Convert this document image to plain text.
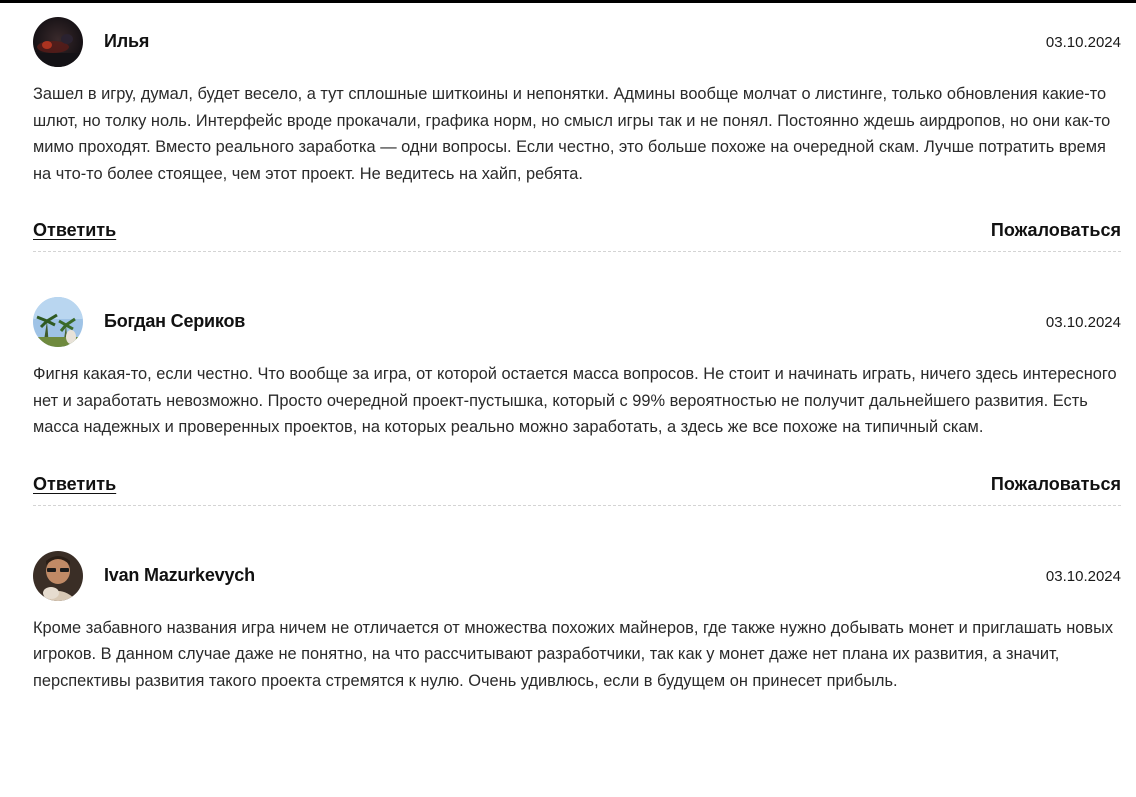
Илья	03.10.2024

Зашел в игру, думал, будет весело, а тут сплошные шиткоины и непонятки. Админы вообще молчат о листинге, только обновления какие-то шлют, но толку ноль. Интерфейс вроде прокачали, графика норм, но смысл игры так и не понял. Постоянно ждешь аирдропов, но они как-то мимо проходят. Вместо реального заработка — одни вопросы. Если честно, это больше похоже на очередной скам. Лучше потратить время на что-то более стоящее, чем этот проект. Не ведитесь на хайп, ребята.

Ответить	Пожаловаться
Богдан Сериков	03.10.2024

Фигня какая-то, если честно. Что вообще за игра, от которой остается масса вопросов. Не стоит и начинать играть, ничего здесь интересного нет и заработать невозможно. Просто очередной проект-пустышка, который с 99% вероятностью не получит дальнейшего развития. Есть масса надежных и проверенных проектов, на которых реально можно заработать, а здесь же все похоже на типичный скам.

Ответить	Пожаловаться
Ivan Mazurkevych	03.10.2024

Кроме забавного названия игра ничем не отличается от множества похожих майнеров, где также нужно добывать монет и приглашать новых игроков. В данном случае даже не понятно, на что рассчитывают разработчики, так как у монет даже нет плана их развития, а значит, перспективы развития такого проекта стремятся к нулю. Очень удивлюсь, если в будущем он принесет прибыль.
